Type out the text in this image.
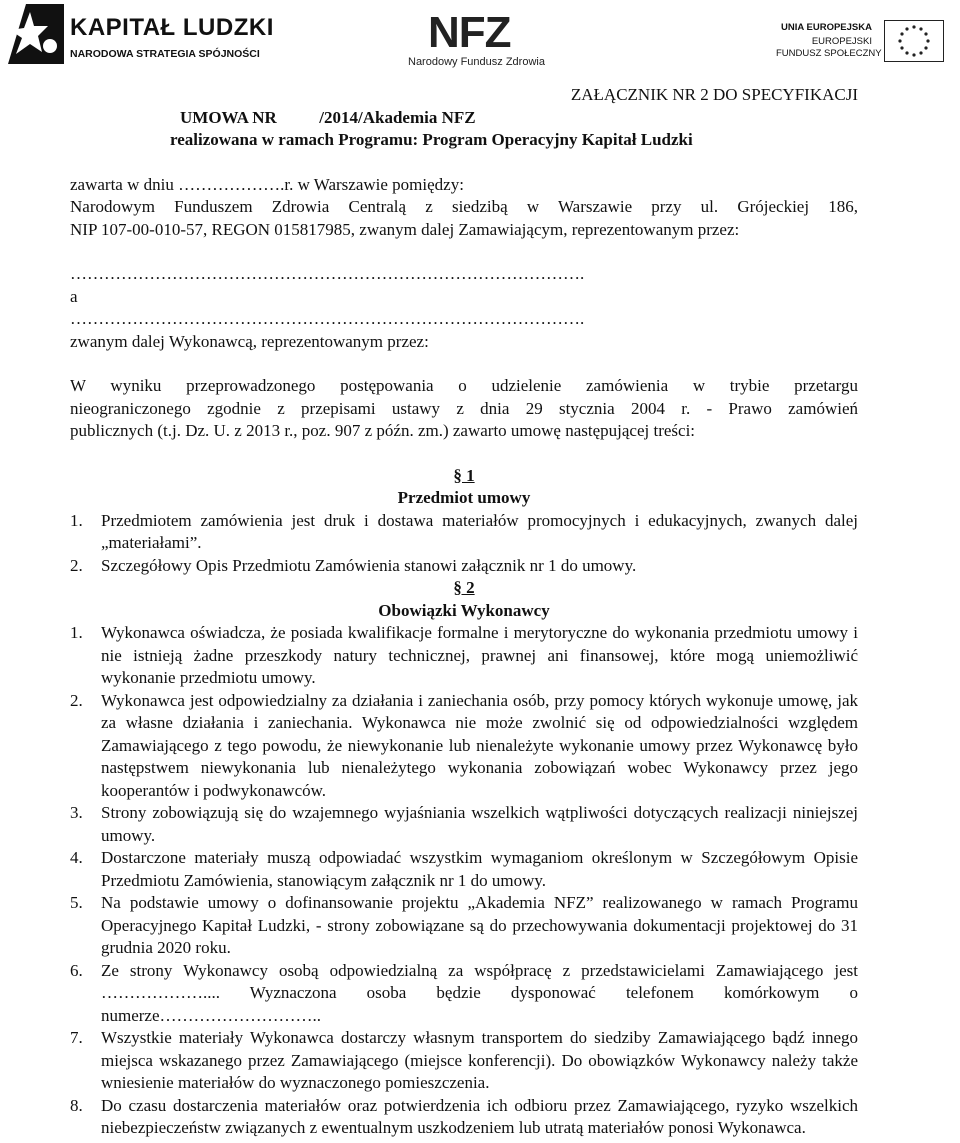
KAPITAŁ LUDZKI
NARODOWA STRATEGIA SPÓJNOŚCI	NFZ
Narodowy Fundusz Zdrowia
UNIA EUROPEJSKA
EUROPEJSKI
FUNDUSZ SPOŁECZNY
ZAŁĄCZNIK NR 2 DO SPECYFIKACJI
UMOWA NR          /2014/Akademia NFZ
realizowana w ramach Programu: Program Operacyjny Kapitał Ludzki

zawarta w dniu ……………….r. w Warszawie pomiędzy:

Narodowym Funduszem Zdrowia Centralą z siedzibą w Warszawie przy ul. Grójeckiej 186,

NIP 107-00-010-57, REGON 015817985, zwanym dalej Zamawiającym, reprezentowanym przez:

……………………………………………………………………………….

a

……………………………………………………………………………….

zwanym dalej Wykonawcą, reprezentowanym przez:

W wyniku przeprowadzonego postępowania o udzielenie zamówienia w trybie przetargu

nieograniczonego zgodnie z przepisami ustawy z dnia 29 stycznia 2004 r. - Prawo zamówień

publicznych (t.j. Dz. U. z 2013 r., poz. 907 z późn. zm.) zawarto umowę następującej treści:

§ 1
Przedmiot umowy
1. Przedmiotem zamówienia jest druk i dostawa materiałów promocyjnych i edukacyjnych, zwanych dalej „materiałami”.
2. Szczegółowy Opis Przedmiotu Zamówienia stanowi załącznik nr 1 do umowy.
§ 2
Obowiązki Wykonawcy
1. Wykonawca oświadcza, że posiada kwalifikacje formalne i merytoryczne do wykonania przedmiotu umowy i nie istnieją żadne przeszkody natury technicznej, prawnej ani finansowej, które mogą uniemożliwić wykonanie przedmiotu umowy.
2. Wykonawca jest odpowiedzialny za działania i zaniechania osób, przy pomocy których wykonuje umowę, jak za własne działania i zaniechania. Wykonawca nie może zwolnić się od odpowiedzialności względem Zamawiającego z tego powodu, że niewykonanie lub nienależyte wykonanie umowy przez Wykonawcę było następstwem niewykonania lub nienależytego wykonania zobowiązań wobec Wykonawcy przez jego kooperantów i podwykonawców.
3. Strony zobowiązują się do wzajemnego wyjaśniania wszelkich wątpliwości dotyczących realizacji niniejszej umowy.
4. Dostarczone materiały muszą odpowiadać wszystkim wymaganiom określonym w Szczegółowym Opisie Przedmiotu Zamówienia, stanowiącym załącznik nr 1 do umowy.
5. Na podstawie umowy o dofinansowanie projektu „Akademia NFZ” realizowanego w ramach Programu Operacyjnego Kapitał Ludzki, - strony zobowiązane są do przechowywania dokumentacji projektowej do 31 grudnia 2020 roku.
6. Ze strony Wykonawcy osobą odpowiedzialną za współpracę z przedstawicielami Zamawiającego jest ……………….... Wyznaczona osoba będzie dysponować telefonem komórkowym o numerze………………………..
7. Wszystkie materiały Wykonawca dostarczy własnym transportem do siedziby Zamawiającego bądź innego miejsca wskazanego przez Zamawiającego (miejsce konferencji). Do obowiązków Wykonawcy należy także wniesienie materiałów do wyznaczonego pomieszczenia.
8. Do czasu dostarczenia materiałów oraz potwierdzenia ich odbioru przez Zamawiającego, ryzyko wszelkich niebezpieczeństw związanych z ewentualnym uszkodzeniem lub utratą materiałów ponosi Wykonawca.
